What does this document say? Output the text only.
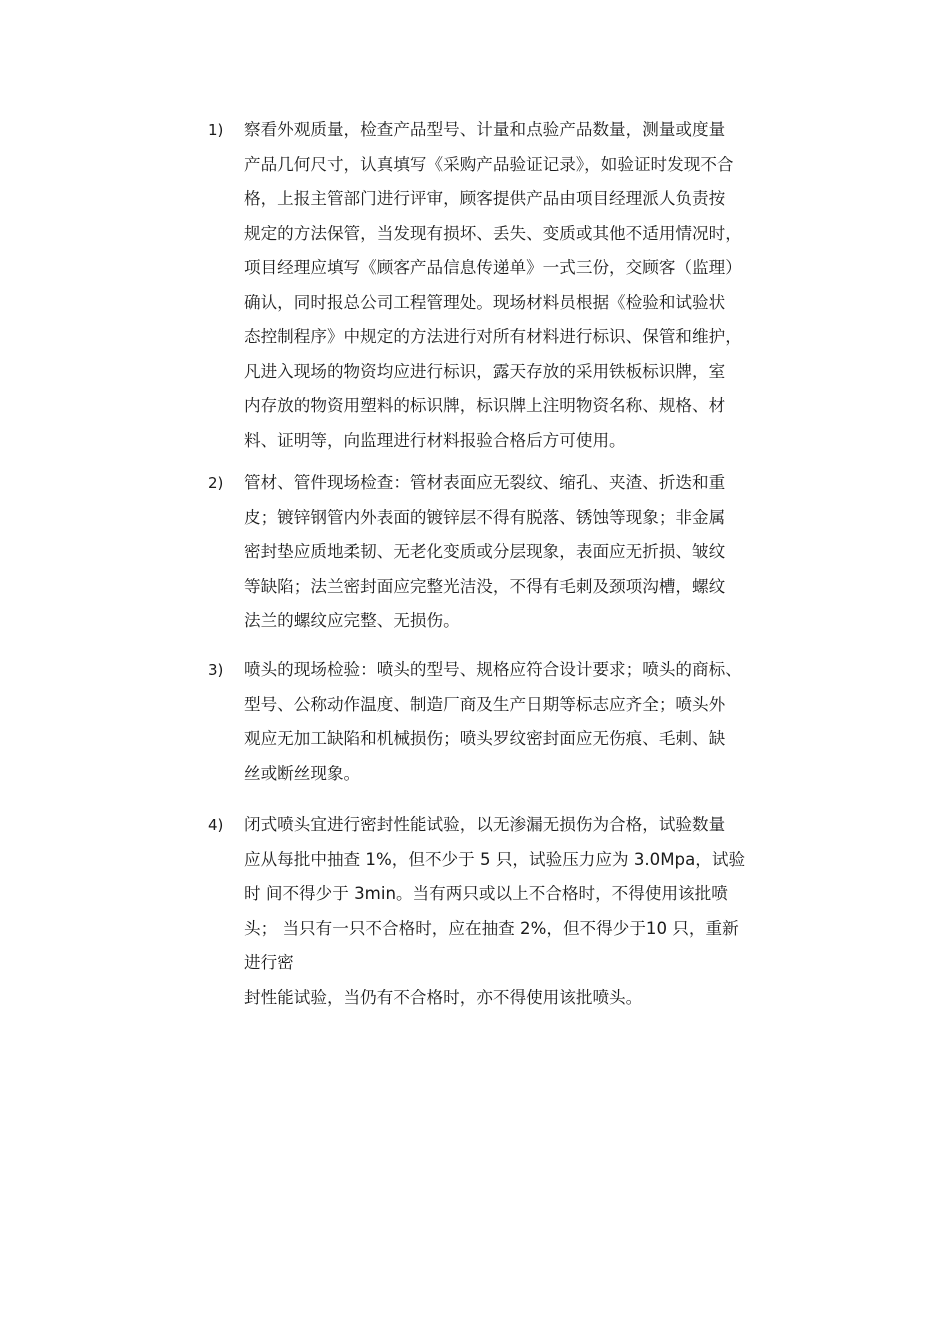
1) 察看外观质量，检查产品型号、计量和点验产品数量，测量或度量
产品几何尺寸，认真填写《采购产品验证记录》，如验证时发现不合
格，上报主管部门进行评审，顾客提供产品由项目经理派人负责按
规定的方法保管，当发现有损坏、丢失、变质或其他不适用情况时，
项目经理应填写《顾客产品信息传递单》一式三份，交顾客（监理）
确认，同时报总公司工程管理处。现场材料员根据《检验和试验状
态控制程序》中规定的方法进行对所有材料进行标识、保管和维护，
凡进入现场的物资均应进行标识，露天存放的采用铁板标识牌，室
内存放的物资用塑料的标识牌，标识牌上注明物资名称、规格、材
料、证明等，向监理进行材料报验合格后方可使用。
2) 管材、管件现场检查：管材表面应无裂纹、缩孔、夹渣、折迭和重
皮；镀锌钢管内外表面的镀锌层不得有脱落、锈蚀等现象；非金属
密封垫应质地柔韧、无老化变质或分层现象，表面应无折损、皱纹
等缺陷；法兰密封面应完整光洁没，不得有毛刺及颈项沟槽，螺纹
法兰的螺纹应完整、无损伤。
3) 喷头的现场检验：喷头的型号、规格应符合设计要求；喷头的商标、
型号、公称动作温度、制造厂商及生产日期等标志应齐全；喷头外
观应无加工缺陷和机械损伤；喷头罗纹密封面应无伤痕、毛刺、缺
丝或断丝现象。
4) 闭式喷头宜进行密封性能试验，以无渗漏无损伤为合格，试验数量
应从每批中抽查 1%，但不少于 5 只，试验压力应为 3.0Mpa，试验
时 间不得少于 3min。当有两只或以上不合格时，不得使用该批喷
头； 当只有一只不合格时，应在抽查 2%，但不得少于10 只，重新
进行密
封性能试验，当仍有不合格时，亦不得使用该批喷头。
